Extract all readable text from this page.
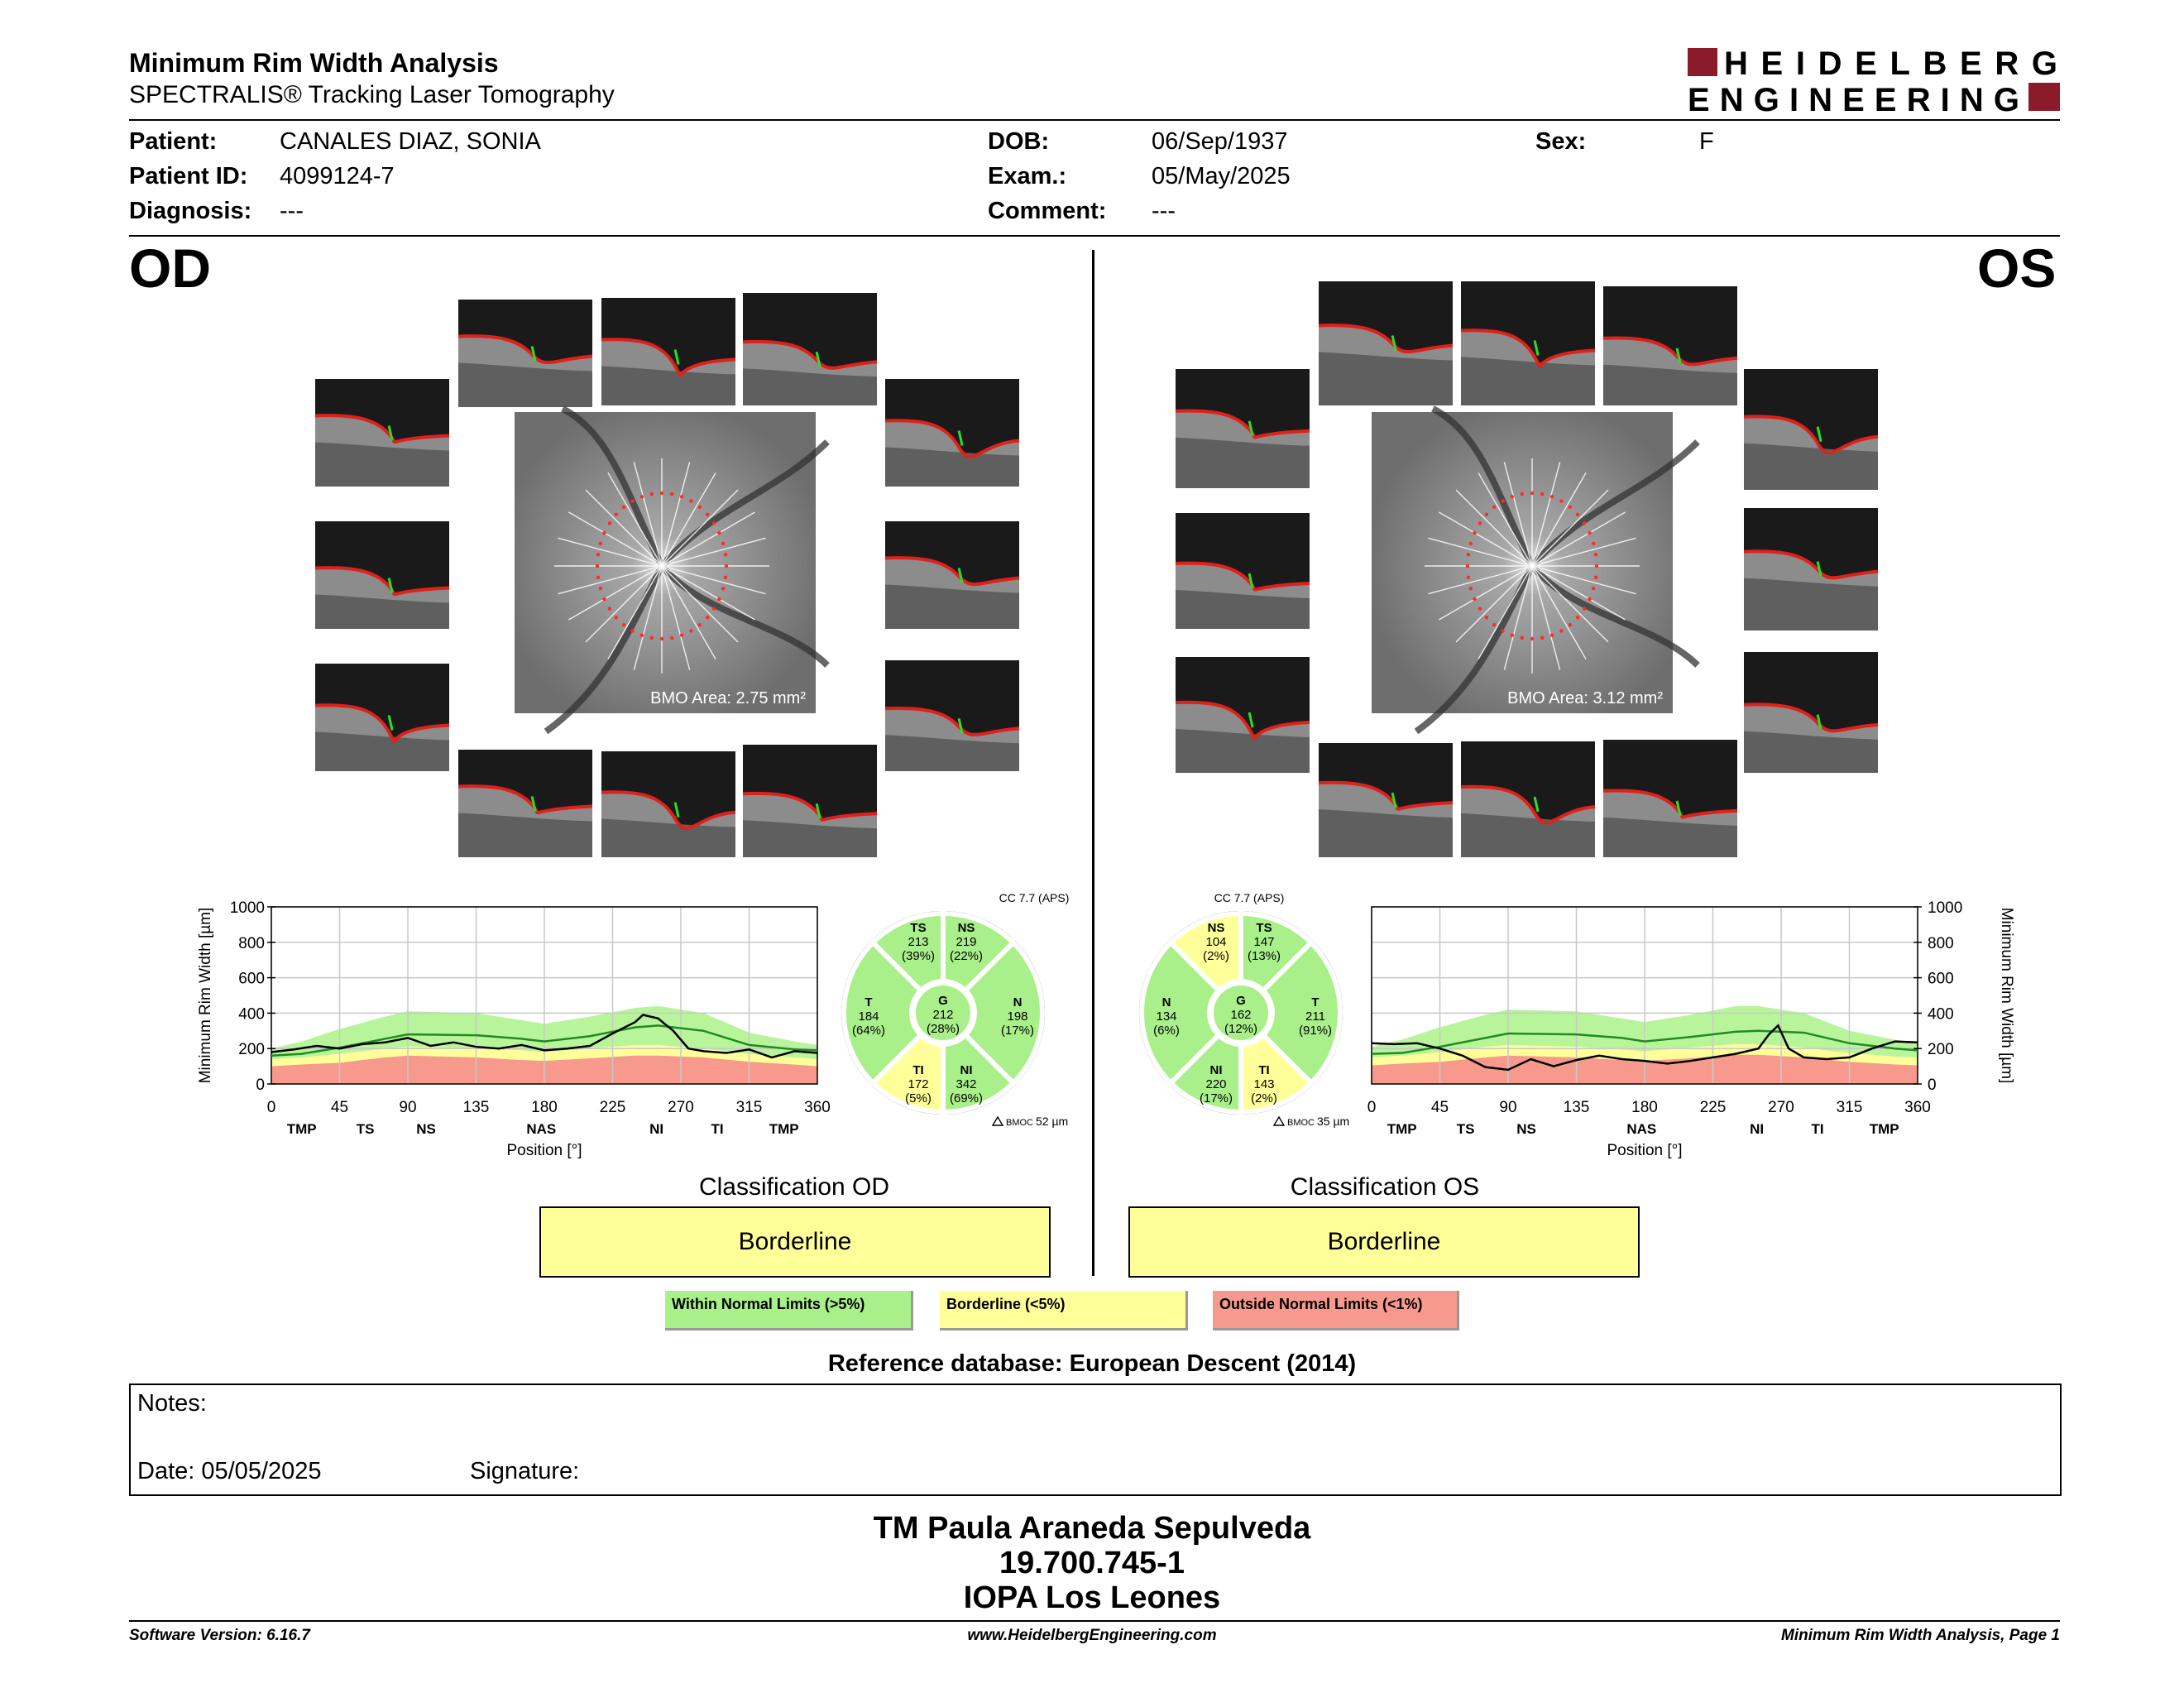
Minimum Rim Width Analysis
SPECTRALIS® Tracking Laser Tomography
HEIDELBERG
ENGINEERING
Patient:	CANALES DIAZ, SONIA
Patient ID: 4099124-7
Diagnosis: ---
DOB:	06/Sep/1937
Exam.:	05/May/2025
Comment: ---
Sex:	F
OD	OS
BMO Area: 2.75 mm²	BMO Area: 3.12 mm²
0	45	90	135	180	225	270	315	360
0
200
400
600
800
1000
TMP	TS	NS	NAS	NI	TI	TMP
Position [°]
Minimum Rim Width [µm]
0	45	90	135	180	225	270	315	360
0
200
400
600
800
1000
TMP	TS	NS	NAS	NI	TI	TMP
Position [°]
Minimum Rim Width [µm]
TS
213
(39%)
NS
219
(22%)
N
198
(17%)
NI
342
(69%)
TI
172
(5%)
T
184
(64%)
G
212
(28%)
CC 7.7 (APS)
BMOC 52 µm
NS
104
(2%)
TS
147
(13%)
T
211
(91%)
TI
143
(2%)
NI
220
(17%)
N
134
(6%)
G
162
(12%)
CC 7.7 (APS)
BMOC 35 µm
Classification OD
Borderline
Classification OS
Borderline
Within Normal Limits (>5%)	Borderline (<5%)	Outside Normal Limits (<1%)
Reference database: European Descent (2014)
Notes:
Date: 05/05/2025	Signature:
TM Paula Araneda Sepulveda
19.700.745-1
IOPA Los Leones
Software Version: 6.16.7	www.HeidelbergEngineering.com	Minimum Rim Width Analysis, Page 1
